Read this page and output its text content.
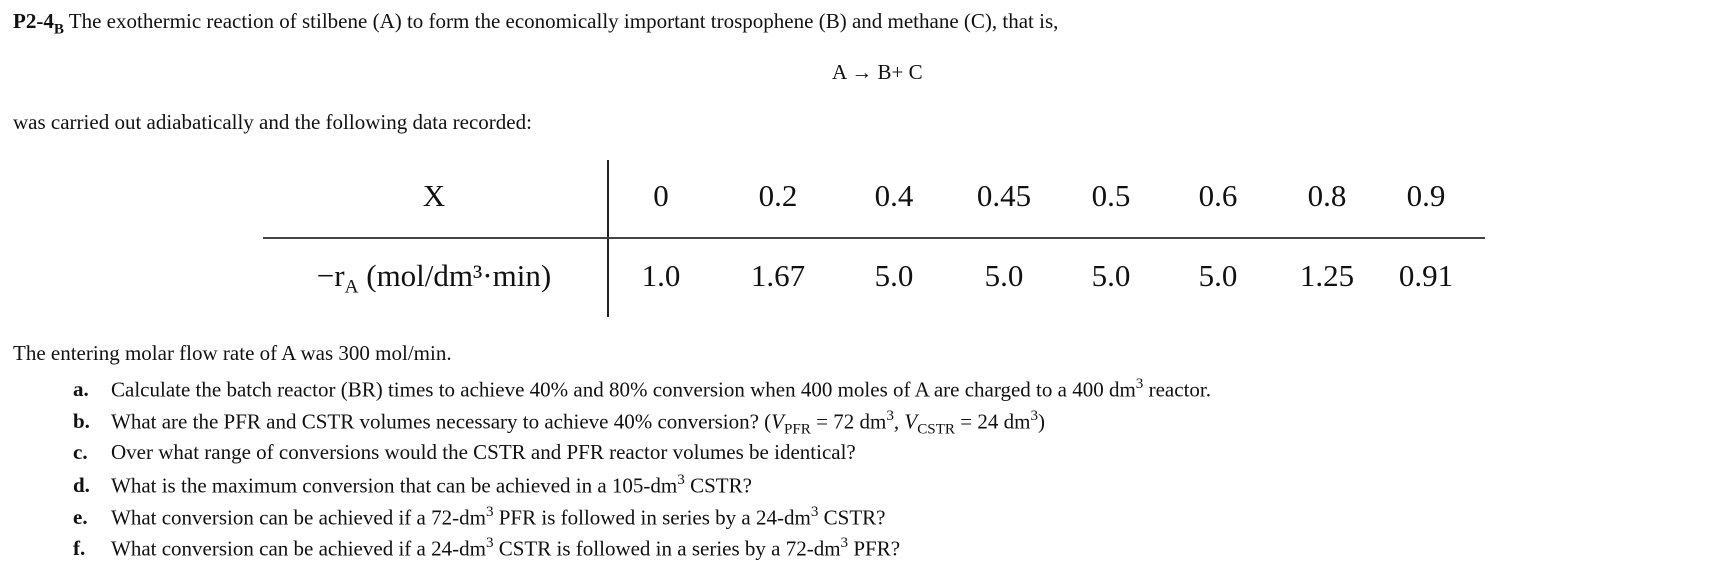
$P2-4_B$ The exothermic reaction of stilbene (A) to form the economically important trospophene (B) and methane (C), that is,
A → B+ C
was carried out adiabatically and the following data recorded:
X
$-r_A$ (mol/dm³·min)
0	0.2 0.4 0.45 0.5 0.6 0.8 0.9
1.0 1.67 5.0 5.0 5.0 5.0 1.25 0.91
The entering molar flow rate of A was 300 mol/min.
a. Calculate the batch reactor (BR) times to achieve 40% and 80% conversion when 400 moles of A are charged to a 400 $dm^3$ reactor.
b. What are the PFR and CSTR volumes necessary to achieve 40% conversion? ($V_{PFR} = 72$ $dm^3$, $V_{CSTR} = 24$ $dm^3$)
c. Over what range of conversions would the CSTR and PFR reactor volumes be identical?
d. What is the maximum conversion that can be achieved in a $105-dm^3$ CSTR?
e. What conversion can be achieved if a $72-dm^3$ PFR is followed in series by a $24-dm^3$ CSTR?
f. What conversion can be achieved if a $24-dm^3$ CSTR is followed in a series by a $72-dm^3$ PFR?
